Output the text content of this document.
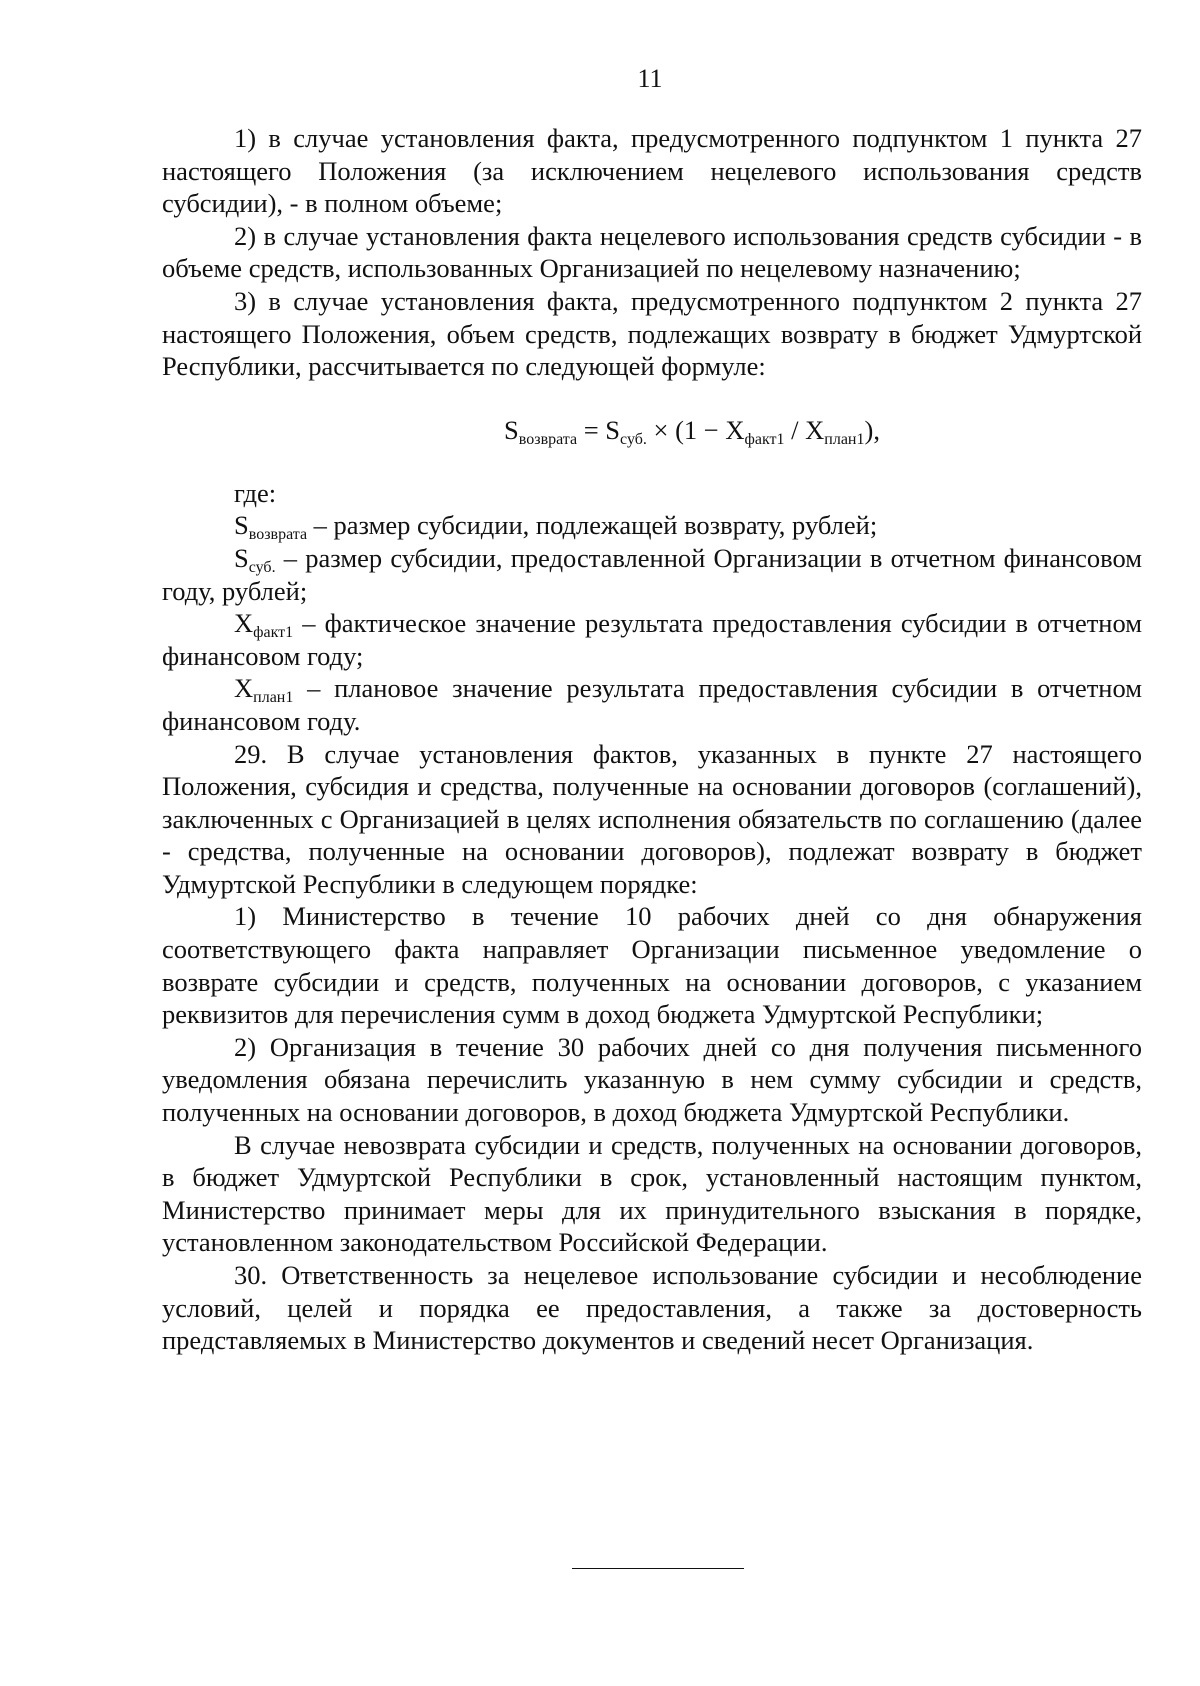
11

1) в случае установления факта, предусмотренного подпунктом 1 пункта 27 настоящего Положения (за исключением нецелевого использования средств субсидии), - в полном объеме;

2) в случае установления факта нецелевого использования средств субсидии - в объеме средств, использованных Организацией по нецелевому назначению;

3) в случае установления факта, предусмотренного подпунктом 2 пункта 27 настоящего Положения, объем средств, подлежащих возврату в бюджет Удмуртской Республики, рассчитывается по следующей формуле:

$S_{возврата} = S_{суб.} \times (1 - X_{факт1} / X_{план1})$,

где:

$S_{возврата}$ – размер субсидии, подлежащей возврату, рублей;

$S_{суб.}$ – размер субсидии, предоставленной Организации в отчетном финансовом году, рублей;

$X_{факт1}$ – фактическое значение результата предоставления субсидии в отчетном финансовом году;

$X_{план1}$ – плановое значение результата предоставления субсидии в отчетном финансовом году.

29. В случае установления фактов, указанных в пункте 27 настоящего Положения, субсидия и средства, полученные на основании договоров (соглашений), заключенных с Организацией в целях исполнения обязательств по соглашению (далее - средства, полученные на основании договоров), подлежат возврату в бюджет Удмуртской Республики в следующем порядке:

1) Министерство в течение 10 рабочих дней со дня обнаружения соответствующего факта направляет Организации письменное уведомление о возврате субсидии и средств, полученных на основании договоров, с указанием реквизитов для перечисления сумм в доход бюджета Удмуртской Республики;

2) Организация в течение 30 рабочих дней со дня получения письменного уведомления обязана перечислить указанную в нем сумму субсидии и средств, полученных на основании договоров, в доход бюджета Удмуртской Республики.

В случае невозврата субсидии и средств, полученных на основании договоров, в бюджет Удмуртской Республики в срок, установленный настоящим пунктом, Министерство принимает меры для их принудительного взыскания в порядке, установленном законодательством Российской Федерации.

30. Ответственность за нецелевое использование субсидии и несоблюдение условий, целей и порядка ее предоставления, а также за достоверность представляемых в Министерство документов и сведений несет Организация.
